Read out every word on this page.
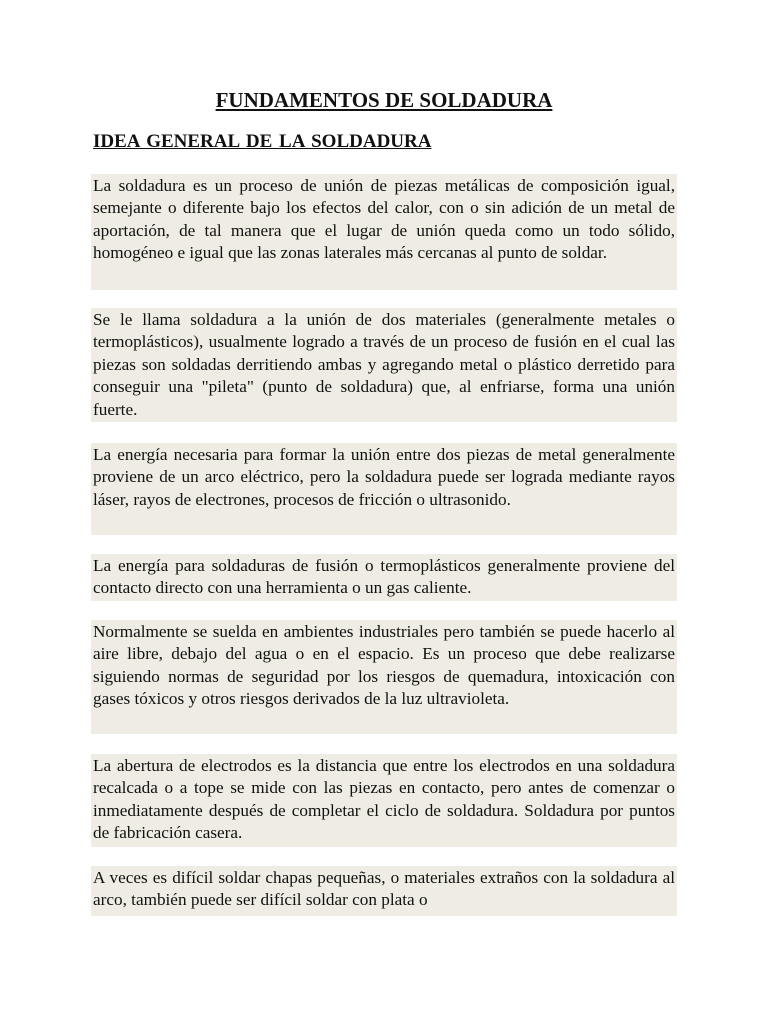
FUNDAMENTOS DE SOLDADURA
IDEA GENERAL DE LA SOLDADURA

La soldadura es un proceso de unión de piezas metálicas de composición igual, semejante o diferente bajo los efectos del calor, con o sin adición de un metal de aportación, de tal manera que el lugar de unión queda como un todo sólido, homogéneo e igual que las zonas laterales más cercanas al punto de soldar.

Se le llama soldadura a la unión de dos materiales (generalmente metales o termoplásticos), usualmente logrado a través de un proceso de fusión en el cual las piezas son soldadas derritiendo ambas y agregando metal o plástico derretido para conseguir una "pileta" (punto de soldadura) que, al enfriarse, forma una unión fuerte.

La energía necesaria para formar la unión entre dos piezas de metal generalmente proviene de un arco eléctrico, pero la soldadura puede ser lograda mediante rayos láser, rayos de electrones, procesos de fricción o ultrasonido.

La energía para soldaduras de fusión o termoplásticos generalmente proviene del contacto directo con una herramienta o un gas caliente.

Normalmente se suelda en ambientes industriales pero también se puede hacerlo al aire libre, debajo del agua o en el espacio. Es un proceso que debe realizarse siguiendo normas de seguridad por los riesgos de quemadura, intoxicación con gases tóxicos y otros riesgos derivados de la luz ultravioleta.

La abertura de electrodos es la distancia que entre los electrodos en una soldadura recalcada o a tope se mide con las piezas en contacto, pero antes de comenzar o inmediatamente después de completar el ciclo de soldadura. Soldadura por puntos de fabricación casera.

A veces es difícil soldar chapas pequeñas, o materiales extraños con la soldadura al arco, también puede ser difícil soldar con plata o
